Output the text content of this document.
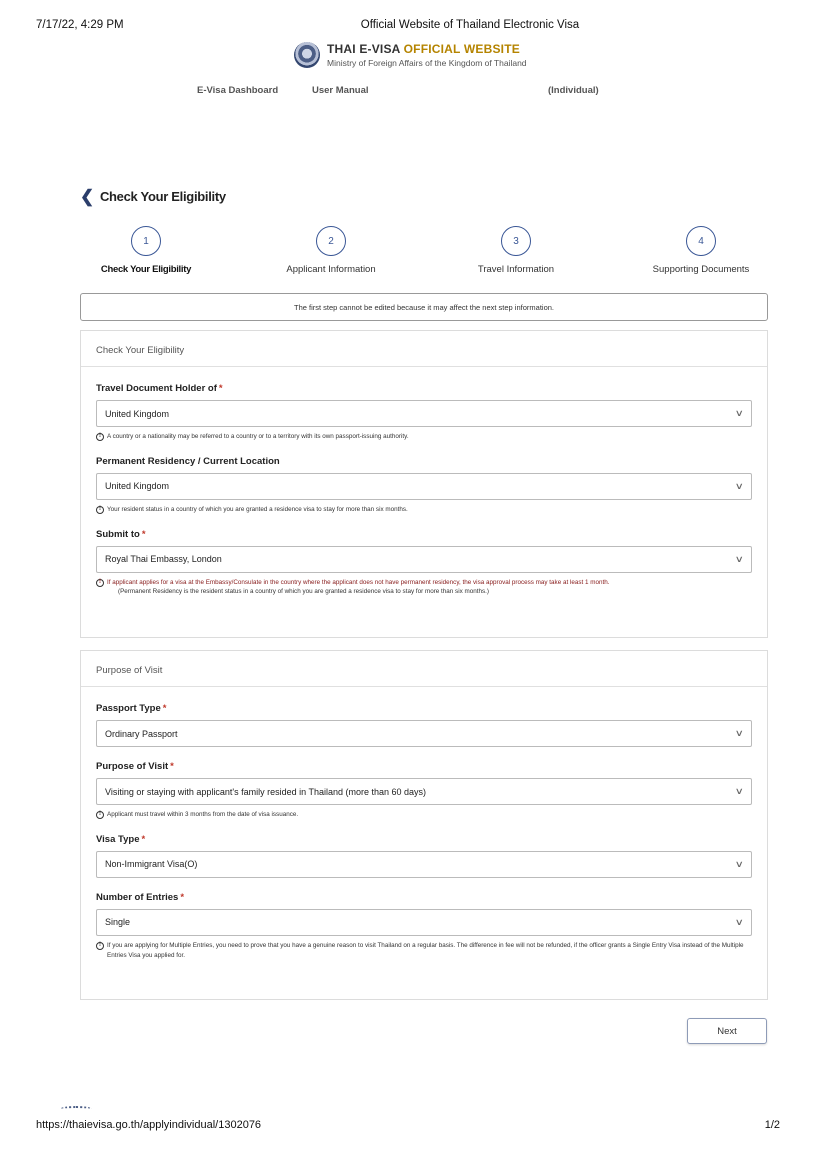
7/17/22, 4:29 PM	Official Website of Thailand Electronic Visa
THAI E-VISA OFFICIAL WEBSITE
Ministry of Foreign Affairs of the Kingdom of Thailand
E-Visa Dashboard	User Manual	(Individual)
❮ Check Your Eligibility
1
Check Your Eligibility
2
Applicant Information
3
Travel Information
4
Supporting Documents
The first step cannot be edited because it may affect the next step information.
Check Your Eligibility
Travel Document Holder of *
United Kingdom	∨
! A country or a nationality may be referred to a country or to a territory with its own passport-issuing authority.
Permanent Residency / Current Location
United Kingdom	∨
! Your resident status in a country of which you are granted a residence visa to stay for more than six months.
Submit to *
Royal Thai Embassy, London	∨
! If applicant applies for a visa at the Embassy/Consulate in the country where the applicant does not have permanent residency, the visa approval process may take at least 1 month.
(Permanent Residency is the resident status in a country of which you are granted a residence visa to stay for more than six months.)
Purpose of Visit
Passport Type *
Ordinary Passport	∨
Purpose of Visit *
Visiting or staying with applicant's family resided in Thailand (more than 60 days)	∨
! Applicant must travel within 3 months from the date of visa issuance.
Visa Type *
Non-Immigrant Visa(O)	∨
Number of Entries *
Single	∨
! If you are applying for Multiple Entries, you need to prove that you have a genuine reason to visit Thailand on a regular basis. The difference in fee will not be refunded, if the officer grants a Single Entry Visa instead of the Multiple Entries Visa you applied for.
Next
https://thaievisa.go.th/applyindividual/1302076	1/2
